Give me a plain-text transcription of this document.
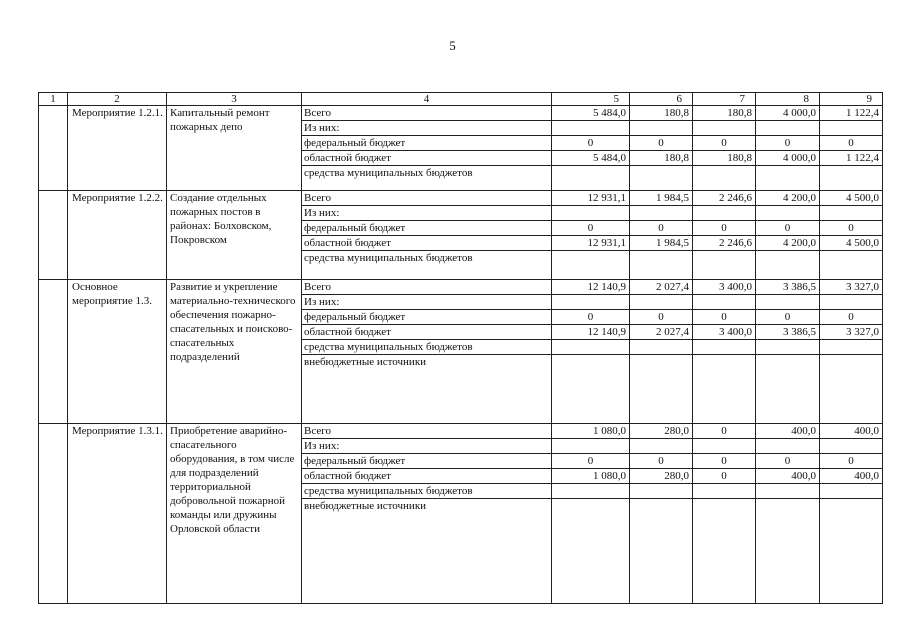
5
1	2	3	4	5	6	7	8	9
	Мероприятие 1.2.1.	Капитальный ремонт пожарных депо	Всего	5 484,0	180,8	180,8	4 000,0	1 122,4
			Из них:					
			федеральный бюджет	0	0	0	0	0
			областной бюджет	5 484,0	180,8	180,8	4 000,0	1 122,4
			средства муниципальных бюджетов					
	Мероприятие 1.2.2.	Создание отдельных пожарных постов в районах: Болховском, Покровском	Всего	12 931,1	1 984,5	2 246,6	4 200,0	4 500,0
			Из них:					
			федеральный бюджет	0	0	0	0	0
			областной бюджет	12 931,1	1 984,5	2 246,6	4 200,0	4 500,0
			средства муниципальных бюджетов					
	Основное мероприятие 1.3.	Развитие и укрепление материально-технического обеспечения пожарно-спасательных и поисково-спасательных подразделений	Всего	12 140,9	2 027,4	3 400,0	3 386,5	3 327,0
			Из них:					
			федеральный бюджет	0	0	0	0	0
			областной бюджет	12 140,9	2 027,4	3 400,0	3 386,5	3 327,0
			средства муниципальных бюджетов					
			внебюджетные источники					
	Мероприятие 1.3.1.	Приобретение аварийно-спасательного оборудования, в том числе для подразделений территориальной добровольной пожарной команды или дружины Орловской области	Всего	1 080,0	280,0	0	400,0	400,0
			Из них:					
			федеральный бюджет	0	0	0	0	0
			областной бюджет	1 080,0	280,0	0	400,0	400,0
			средства муниципальных бюджетов					
			внебюджетные источники					
